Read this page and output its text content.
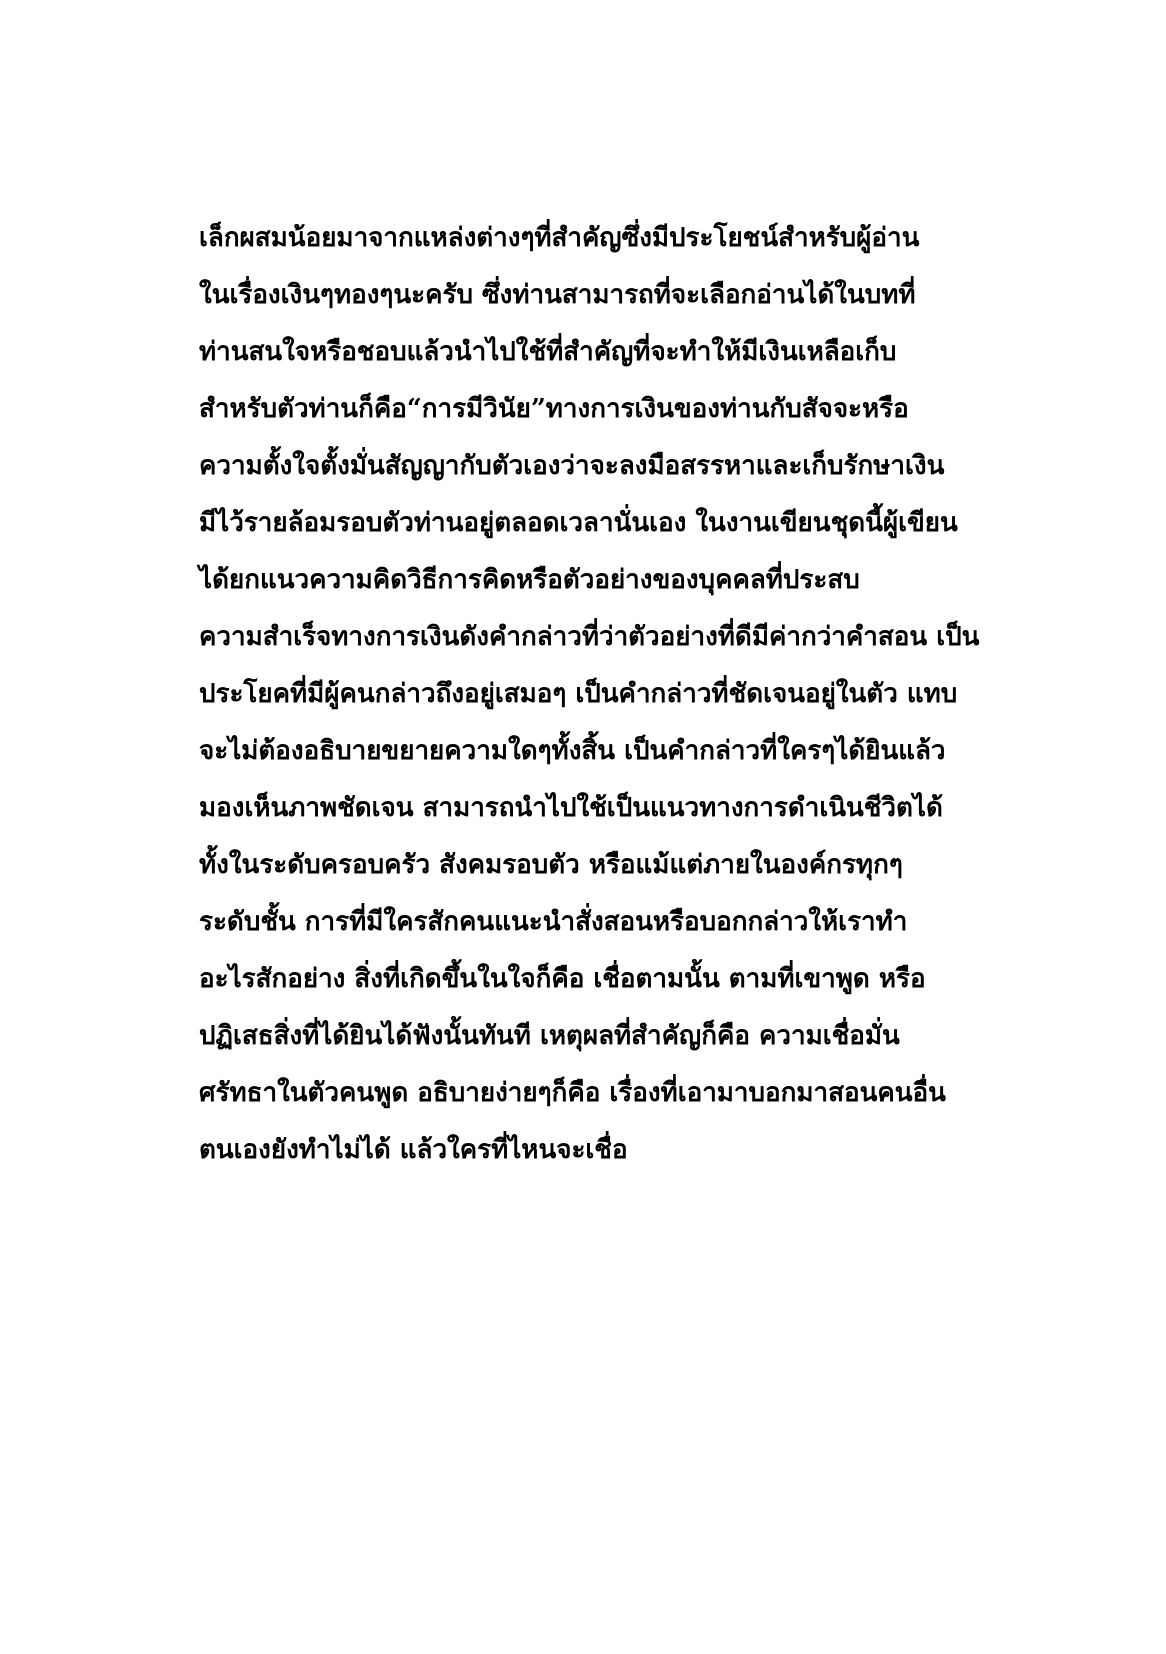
เล็กผสมน้อยมาจากแหล่งต่างๆที่สำคัญซึ่งมีประโยชน์สำหรับผู้อ่าน
ในเรื่องเงินๆทองๆนะครับ ซึ่งท่านสามารถที่จะเลือกอ่านได้ในบทที่
ท่านสนใจหรือชอบแล้วนำไปใช้ที่สำคัญที่จะทำให้มีเงินเหลือเก็บ
สำหรับตัวท่านก็คือ“การมีวินัย”ทางการเงินของท่านกับสัจจะหรือ
ความตั้งใจตั้งมั่นสัญญากับตัวเองว่าจะลงมือสรรหาและเก็บรักษาเงิน
มีไว้รายล้อมรอบตัวท่านอยู่ตลอดเวลานั่นเอง ในงานเขียนชุดนี้ผู้เขียน
ได้ยกแนวความคิดวิธีการคิดหรือตัวอย่างของบุคคลที่ประสบ
ความสำเร็จทางการเงินดังคำกล่าวที่ว่าตัวอย่างที่ดีมีค่ากว่าคำสอน เป็น
ประโยคที่มีผู้คนกล่าวถึงอยู่เสมอๆ เป็นคำกล่าวที่ชัดเจนอยู่ในตัว แทบ
จะไม่ต้องอธิบายขยายความใดๆทั้งสิ้น เป็นคำกล่าวที่ใครๆได้ยินแล้ว
มองเห็นภาพชัดเจน สามารถนำไปใช้เป็นแนวทางการดำเนินชีวิตได้
ทั้งในระดับครอบครัว สังคมรอบตัว หรือแม้แต่ภายในองค์กรทุกๆ
ระดับชั้น การที่มีใครสักคนแนะนำสั่งสอนหรือบอกกล่าวให้เราทำ
อะไรสักอย่าง สิ่งที่เกิดขึ้นในใจก็คือ เชื่อตามนั้น ตามที่เขาพูด หรือ
ปฏิเสธสิ่งที่ได้ยินได้ฟังนั้นทันที เหตุผลที่สำคัญก็คือ ความเชื่อมั่น
ศรัทธาในตัวคนพูด อธิบายง่ายๆก็คือ เรื่องที่เอามาบอกมาสอนคนอื่น
ตนเองยังทำไม่ได้ แล้วใครที่ไหนจะเชื่อ
